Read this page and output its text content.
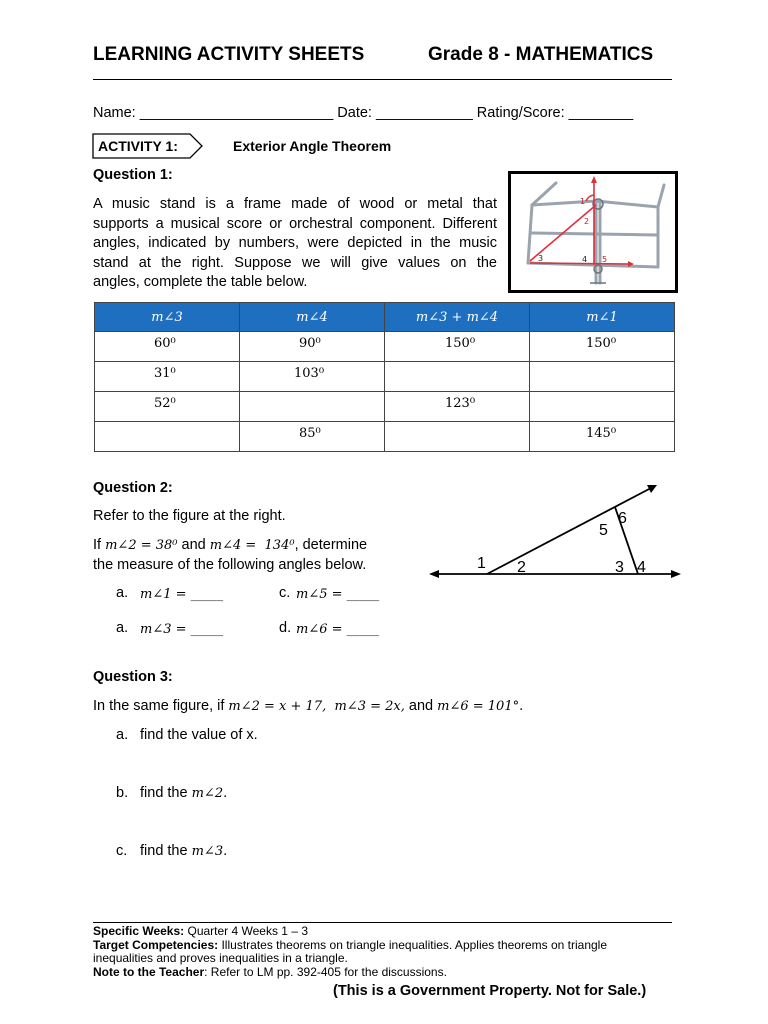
LEARNING ACTIVITY SHEETS	Grade 8 - MATHEMATICS
Name: ________________________ Date: ____________ Rating/Score: ________
ACTIVITY 1:	Exterior Angle Theorem
Question 1:
A music stand is a frame made of wood or metal that
supports a musical score or orchestral component. Different
angles, indicated by numbers, were depicted in the music
stand at the right. Suppose we will give values on the
angles, complete the table below.
1
2
3	4 5
m∠3	m∠4	m∠3 + m∠4	m∠1
60⁰	90⁰	150⁰	150⁰
31⁰	103⁰		
52⁰		123⁰	
	85⁰		145⁰
Question 2:
Refer to the figure at the right.
If m∠2 = 38⁰ and m∠4 =  134⁰, determine
the measure of the following angles below.
a. m∠1 = _____	c. m∠5 = _____
a. m∠3 = _____	d. m∠6 = _____
1 2	3 4
5
6
Question 3:
In the same figure, if m∠2 = x + 17,  m∠3 = 2x, and m∠6 = 101°.
a. find the value of x.
b. find the m∠2.
c. find the m∠3.
Specific Weeks: Quarter 4 Weeks 1 – 3
Target Competencies: Illustrates theorems on triangle inequalities. Applies theorems on triangle
inequalities and proves inequalities in a triangle.
Note to the Teacher: Refer to LM pp. 392-405 for the discussions.
(This is a Government Property. Not for Sale.)
